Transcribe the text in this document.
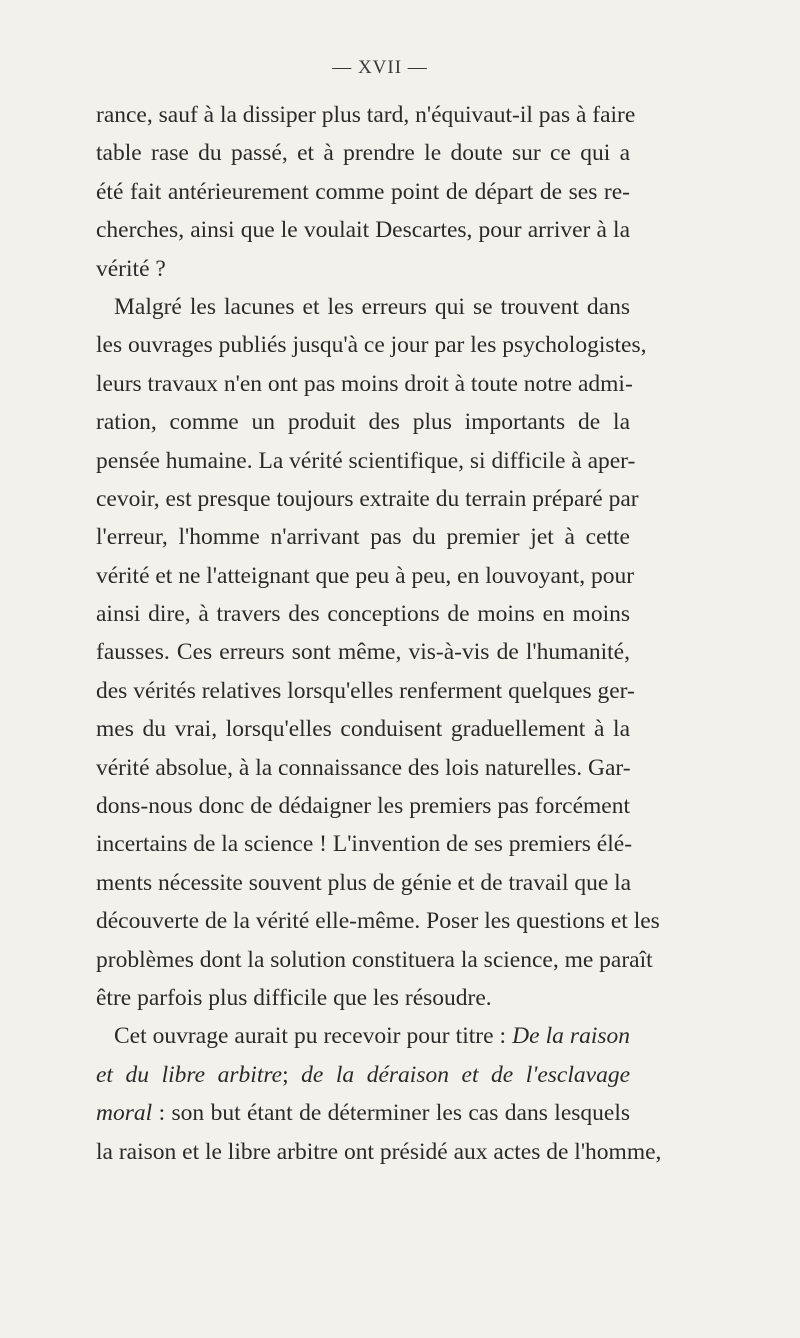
— XVII —
rance, sauf à la dissiper plus tard, n'équivaut-il pas à faire
table rase du passé, et à prendre le doute sur ce qui a
été fait antérieurement comme point de départ de ses re-
cherches, ainsi que le voulait Descartes, pour arriver à la
vérité ?
Malgré les lacunes et les erreurs qui se trouvent dans
les ouvrages publiés jusqu'à ce jour par les psychologistes,
leurs travaux n'en ont pas moins droit à toute notre admi-
ration, comme un produit des plus importants de la
pensée humaine. La vérité scientifique, si difficile à aper-
cevoir, est presque toujours extraite du terrain préparé par
l'erreur, l'homme n'arrivant pas du premier jet à cette
vérité et ne l'atteignant que peu à peu, en louvoyant, pour
ainsi dire, à travers des conceptions de moins en moins
fausses. Ces erreurs sont même, vis-à-vis de l'humanité,
des vérités relatives lorsqu'elles renferment quelques ger-
mes du vrai, lorsqu'elles conduisent graduellement à la
vérité absolue, à la connaissance des lois naturelles. Gar-
dons-nous donc de dédaigner les premiers pas forcément
incertains de la science ! L'invention de ses premiers élé-
ments nécessite souvent plus de génie et de travail que la
découverte de la vérité elle-même. Poser les questions et les
problèmes dont la solution constituera la science, me paraît
être parfois plus difficile que les résoudre.
Cet ouvrage aurait pu recevoir pour titre : De la raison
et du libre arbitre; de la déraison et de l'esclavage
moral : son but étant de déterminer les cas dans lesquels
la raison et le libre arbitre ont présidé aux actes de l'homme,
